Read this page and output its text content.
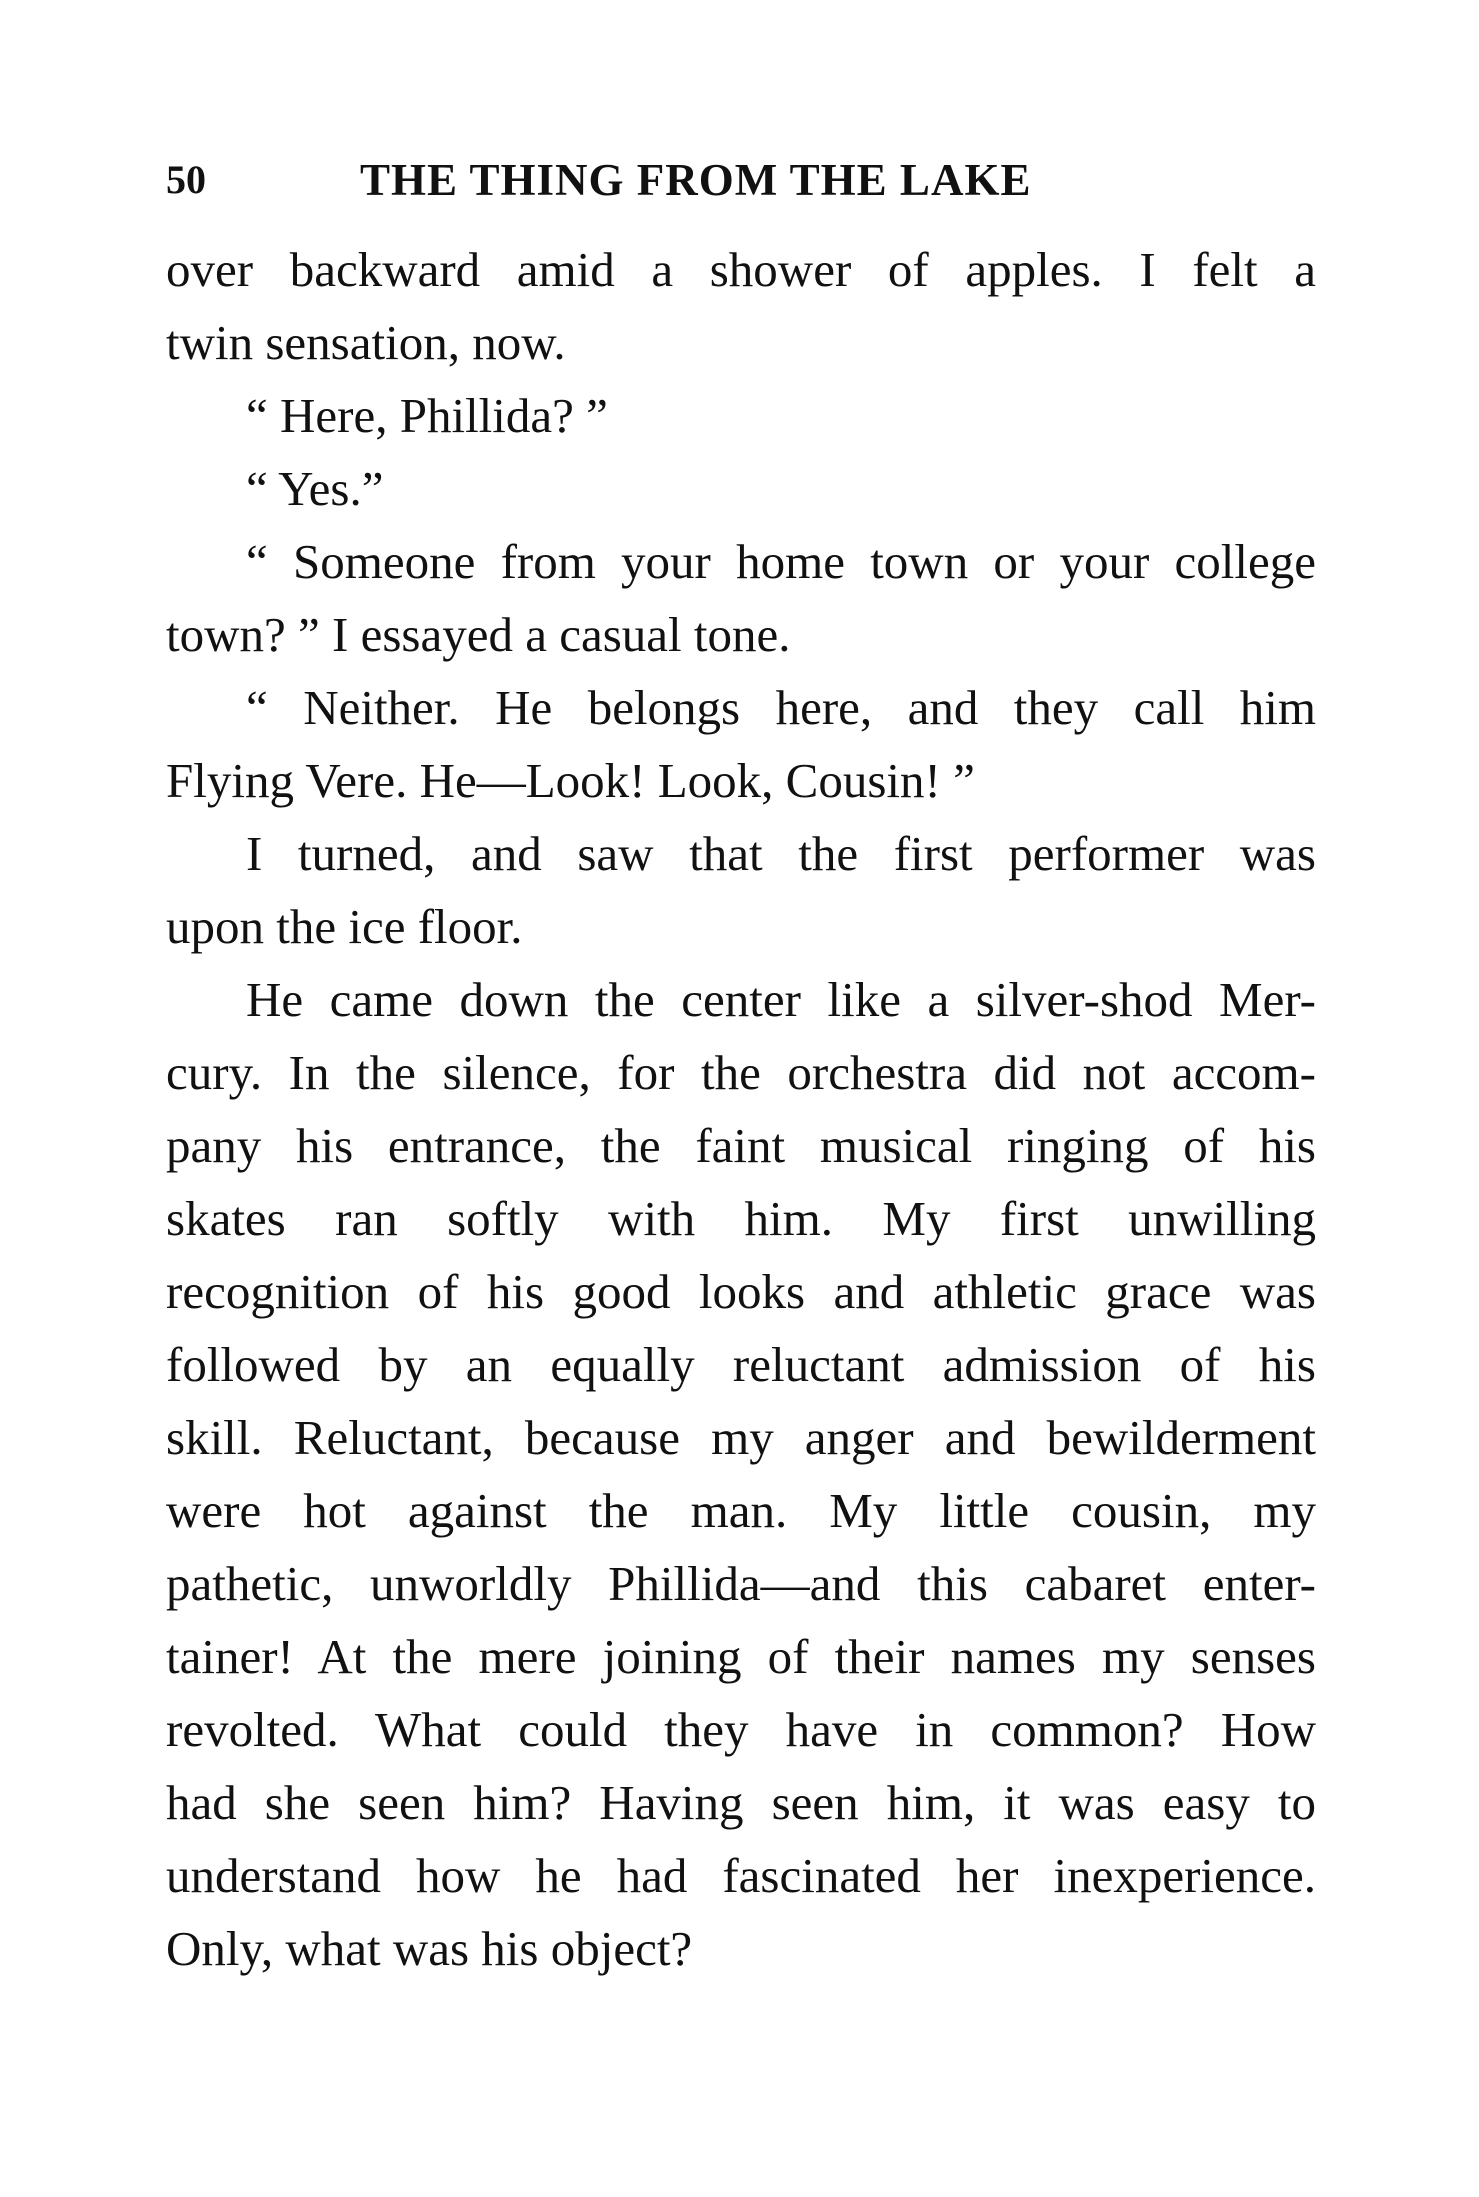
50	THE THING FROM THE LAKE
over backward amid a shower of apples. I felt a
twin sensation, now.
“ Here, Phillida? ”
“ Yes.”
“ Someone from your home town or your college
town? ” I essayed a casual tone.
“ Neither. He belongs here, and they call him
Flying Vere. He—Look! Look, Cousin! ”
I turned, and saw that the first performer was
upon the ice floor.
He came down the center like a silver-shod Mer-
cury. In the silence, for the orchestra did not accom-
pany his entrance, the faint musical ringing of his
skates ran softly with him. My first unwilling
recognition of his good looks and athletic grace was
followed by an equally reluctant admission of his
skill. Reluctant, because my anger and bewilderment
were hot against the man. My little cousin, my
pathetic, unworldly Phillida—and this cabaret enter-
tainer! At the mere joining of their names my senses
revolted. What could they have in common? How
had she seen him? Having seen him, it was easy to
understand how he had fascinated her inexperience.
Only, what was his object?
